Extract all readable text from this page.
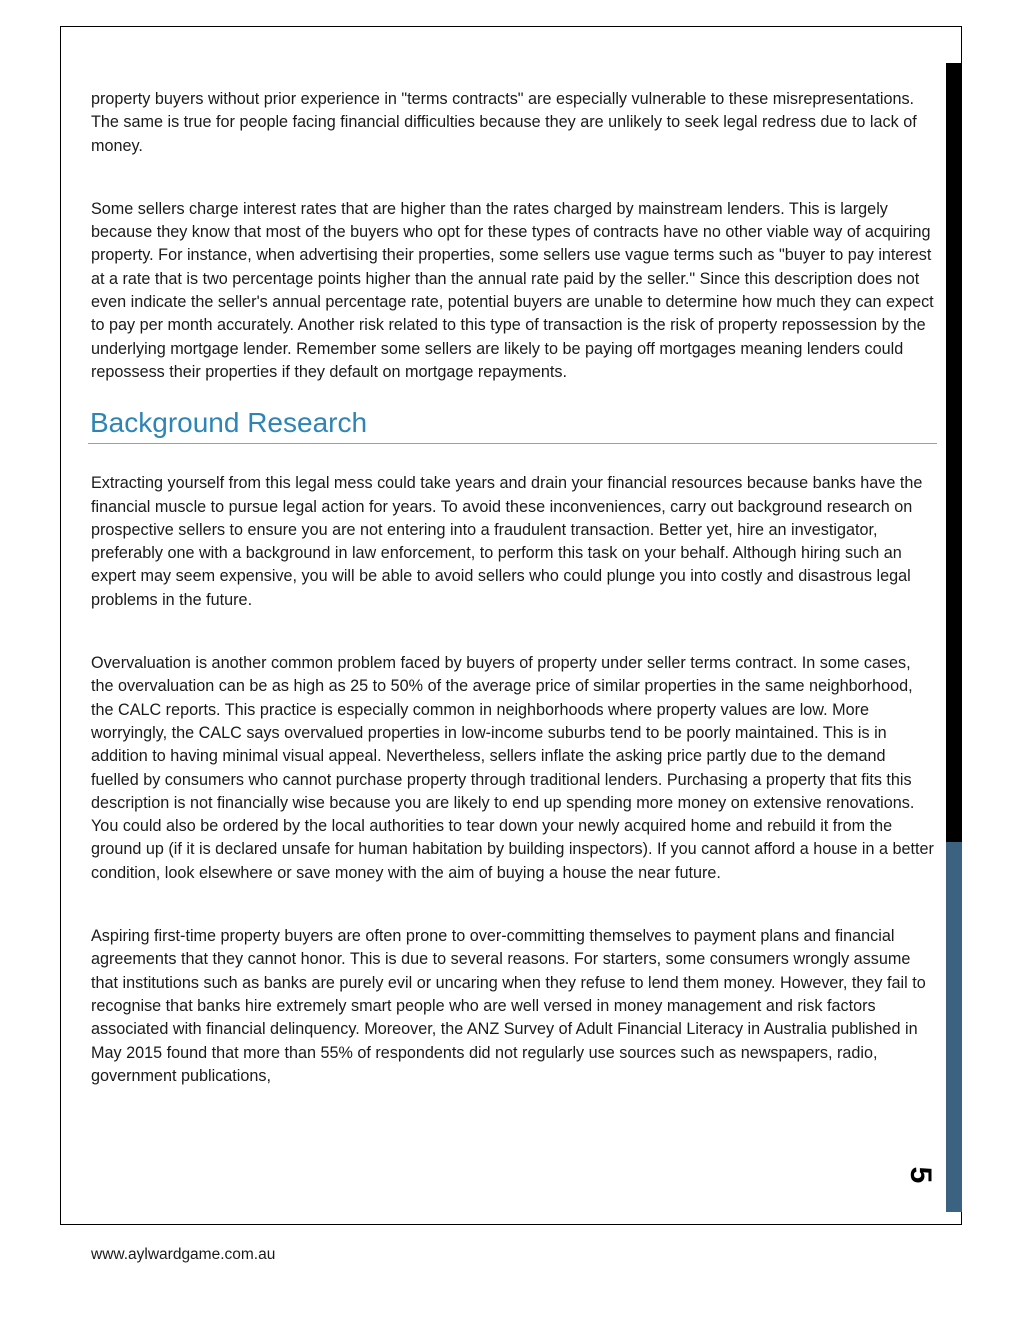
property buyers without prior experience in "terms contracts" are especially vulnerable to these misrepresentations. The same is true for people facing financial difficulties because they are unlikely to seek legal redress due to lack of money.

Some sellers charge interest rates that are higher than the rates charged by mainstream lenders. This is largely because they know that most of the buyers who opt for these types of contracts have no other viable way of acquiring property. For instance, when advertising their properties, some sellers use vague terms such as "buyer to pay interest at a rate that is two percentage points higher than the annual rate paid by the seller." Since this description does not even indicate the seller's annual percentage rate, potential buyers are unable to determine how much they can expect to pay per month accurately. Another risk related to this type of transaction is the risk of property repossession by the underlying mortgage lender. Remember some sellers are likely to be paying off mortgages meaning lenders could repossess their properties if they default on mortgage repayments.

Background Research

Extracting yourself from this legal mess could take years and drain your financial resources because banks have the financial muscle to pursue legal action for years. To avoid these inconveniences, carry out background research on prospective sellers to ensure you are not entering into a fraudulent transaction. Better yet, hire an investigator, preferably one with a background in law enforcement, to perform this task on your behalf. Although hiring such an expert may seem expensive, you will be able to avoid sellers who could plunge you into costly and disastrous legal problems in the future.

Overvaluation is another common problem faced by buyers of property under seller terms contract. In some cases, the overvaluation can be as high as 25 to 50% of the average price of similar properties in the same neighborhood, the CALC reports. This practice is especially common in neighborhoods where property values are low. More worryingly, the CALC says overvalued properties in low-income suburbs tend to be poorly maintained. This is in addition to having minimal visual appeal. Nevertheless, sellers inflate the asking price partly due to the demand fuelled by consumers who cannot purchase property through traditional lenders. Purchasing a property that fits this description is not financially wise because you are likely to end up spending more money on extensive renovations. You could also be ordered by the local authorities to tear down your newly acquired home and rebuild it from the ground up (if it is declared unsafe for human habitation by building inspectors). If you cannot afford a house in a better condition, look elsewhere or save money with the aim of buying a house the near future.

Aspiring first-time property buyers are often prone to over-committing themselves to payment plans and financial agreements that they cannot honor. This is due to several reasons. For starters, some consumers wrongly assume that institutions such as banks are purely evil or uncaring when they refuse to lend them money. However, they fail to recognise that banks hire extremely smart people who are well versed in money management and risk factors associated with financial delinquency. Moreover, the ANZ Survey of Adult Financial Literacy in Australia published in May 2015 found that more than 55% of respondents did not regularly use sources such as newspapers, radio, government publications,

5
www.aylwardgame.com.au
